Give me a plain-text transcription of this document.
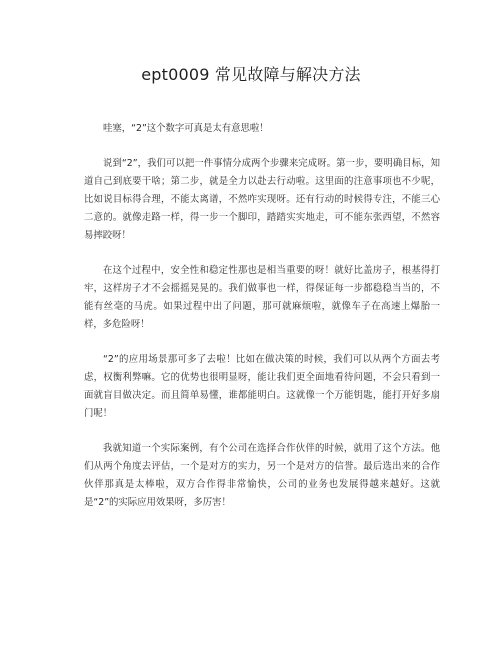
ept0009 常见故障与解决方法

哇塞，“2”这个数字可真是太有意思啦！

说到“2”，我们可以把一件事情分成两个步骤来完成呀。第一步，要明确目标，知道自己到底要干啥；第二步，就是全力以赴去行动啦。这里面的注意事项也不少呢，比如说目标得合理，不能太离谱，不然咋实现呀。还有行动的时候得专注，不能三心二意的。就像走路一样，得一步一个脚印，踏踏实实地走，可不能东张西望，不然容易摔跤呀！

在这个过程中，安全性和稳定性那也是相当重要的呀！就好比盖房子，根基得打牢，这样房子才不会摇摇晃晃的。我们做事也一样，得保证每一步都稳稳当当的，不能有丝毫的马虎。如果过程中出了问题，那可就麻烦啦，就像车子在高速上爆胎一样，多危险呀！

“2”的应用场景那可多了去啦！比如在做决策的时候，我们可以从两个方面去考虑，权衡利弊嘛。它的优势也很明显呀，能让我们更全面地看待问题，不会只看到一面就盲目做决定。而且简单易懂，谁都能明白。这就像一个万能钥匙，能打开好多扇门呢！

我就知道一个实际案例，有个公司在选择合作伙伴的时候，就用了这个方法。他们从两个角度去评估，一个是对方的实力，另一个是对方的信誉。最后选出来的合作伙伴那真是太棒啦，双方合作得非常愉快，公司的业务也发展得越来越好。这就是“2”的实际应用效果呀，多厉害！
